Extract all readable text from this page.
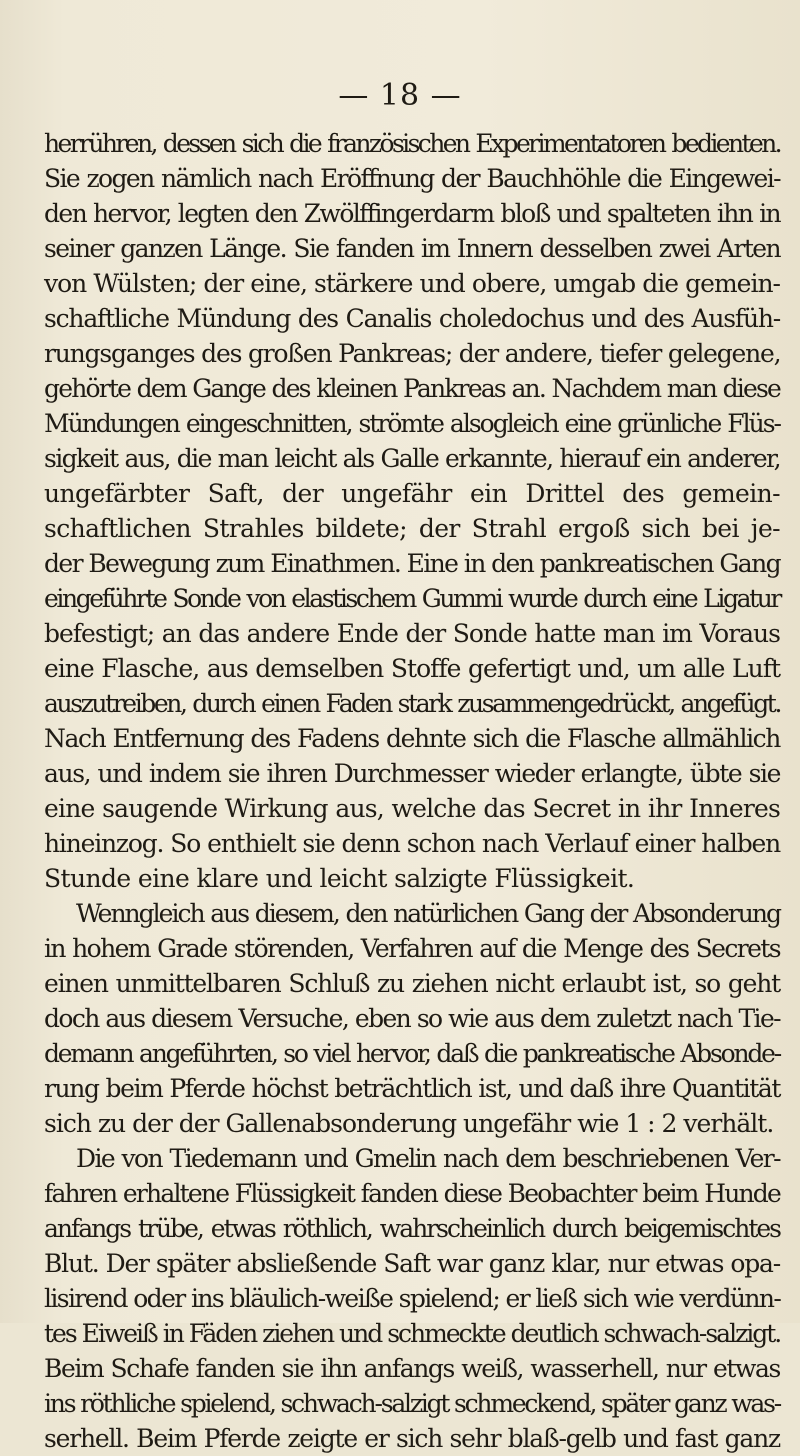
— 18 —
herrühren, dessen sich die französischen Experimentatoren bedienten.
Sie zogen nämlich nach Eröffnung der Bauchhöhle die Eingewei-
den hervor, legten den Zwölffingerdarm bloß und spalteten ihn in
seiner ganzen Länge. Sie fanden im Innern desselben zwei Arten
von Wülsten; der eine, stärkere und obere, umgab die gemein-
schaftliche Mündung des Canalis choledochus und des Ausfüh-
rungsganges des großen Pankreas; der andere, tiefer gelegene,
gehörte dem Gange des kleinen Pankreas an. Nachdem man diese
Mündungen eingeschnitten, strömte alsogleich eine grünliche Flüs-
sigkeit aus, die man leicht als Galle erkannte, hierauf ein anderer,
ungefärbter Saft, der ungefähr ein Drittel des gemein-
schaftlichen Strahles bildete; der Strahl ergoß sich bei je-
der Bewegung zum Einathmen. Eine in den pankreatischen Gang
eingeführte Sonde von elastischem Gummi wurde durch eine Ligatur
befestigt; an das andere Ende der Sonde hatte man im Voraus
eine Flasche, aus demselben Stoffe gefertigt und, um alle Luft
auszutreiben, durch einen Faden stark zusammengedrückt, angefügt.
Nach Entfernung des Fadens dehnte sich die Flasche allmählich
aus, und indem sie ihren Durchmesser wieder erlangte, übte sie
eine saugende Wirkung aus, welche das Secret in ihr Inneres
hineinzog. So enthielt sie denn schon nach Verlauf einer halben
Stunde eine klare und leicht salzigte Flüssigkeit.
Wenngleich aus diesem, den natürlichen Gang der Absonderung
in hohem Grade störenden, Verfahren auf die Menge des Secrets
einen unmittelbaren Schluß zu ziehen nicht erlaubt ist, so geht
doch aus diesem Versuche, eben so wie aus dem zuletzt nach Tie-
demann angeführten, so viel hervor, daß die pankreatische Absonde-
rung beim Pferde höchst beträchtlich ist, und daß ihre Quantität
sich zu der der Gallenabsonderung ungefähr wie 1 : 2 verhält.
Die von Tiedemann und Gmelin nach dem beschriebenen Ver-
fahren erhaltene Flüssigkeit fanden diese Beobachter beim Hunde
anfangs trübe, etwas röthlich, wahrscheinlich durch beigemischtes
Blut. Der später absließende Saft war ganz klar, nur etwas opa-
lisirend oder ins bläulich-weiße spielend; er ließ sich wie verdünn-
tes Eiweiß in Fäden ziehen und schmeckte deutlich schwach-salzigt.
Beim Schafe fanden sie ihn anfangs weiß, wasserhell, nur etwas
ins röthliche spielend, schwach-salzigt schmeckend, später ganz was-
serhell. Beim Pferde zeigte er sich sehr blaß-gelb und fast ganz
